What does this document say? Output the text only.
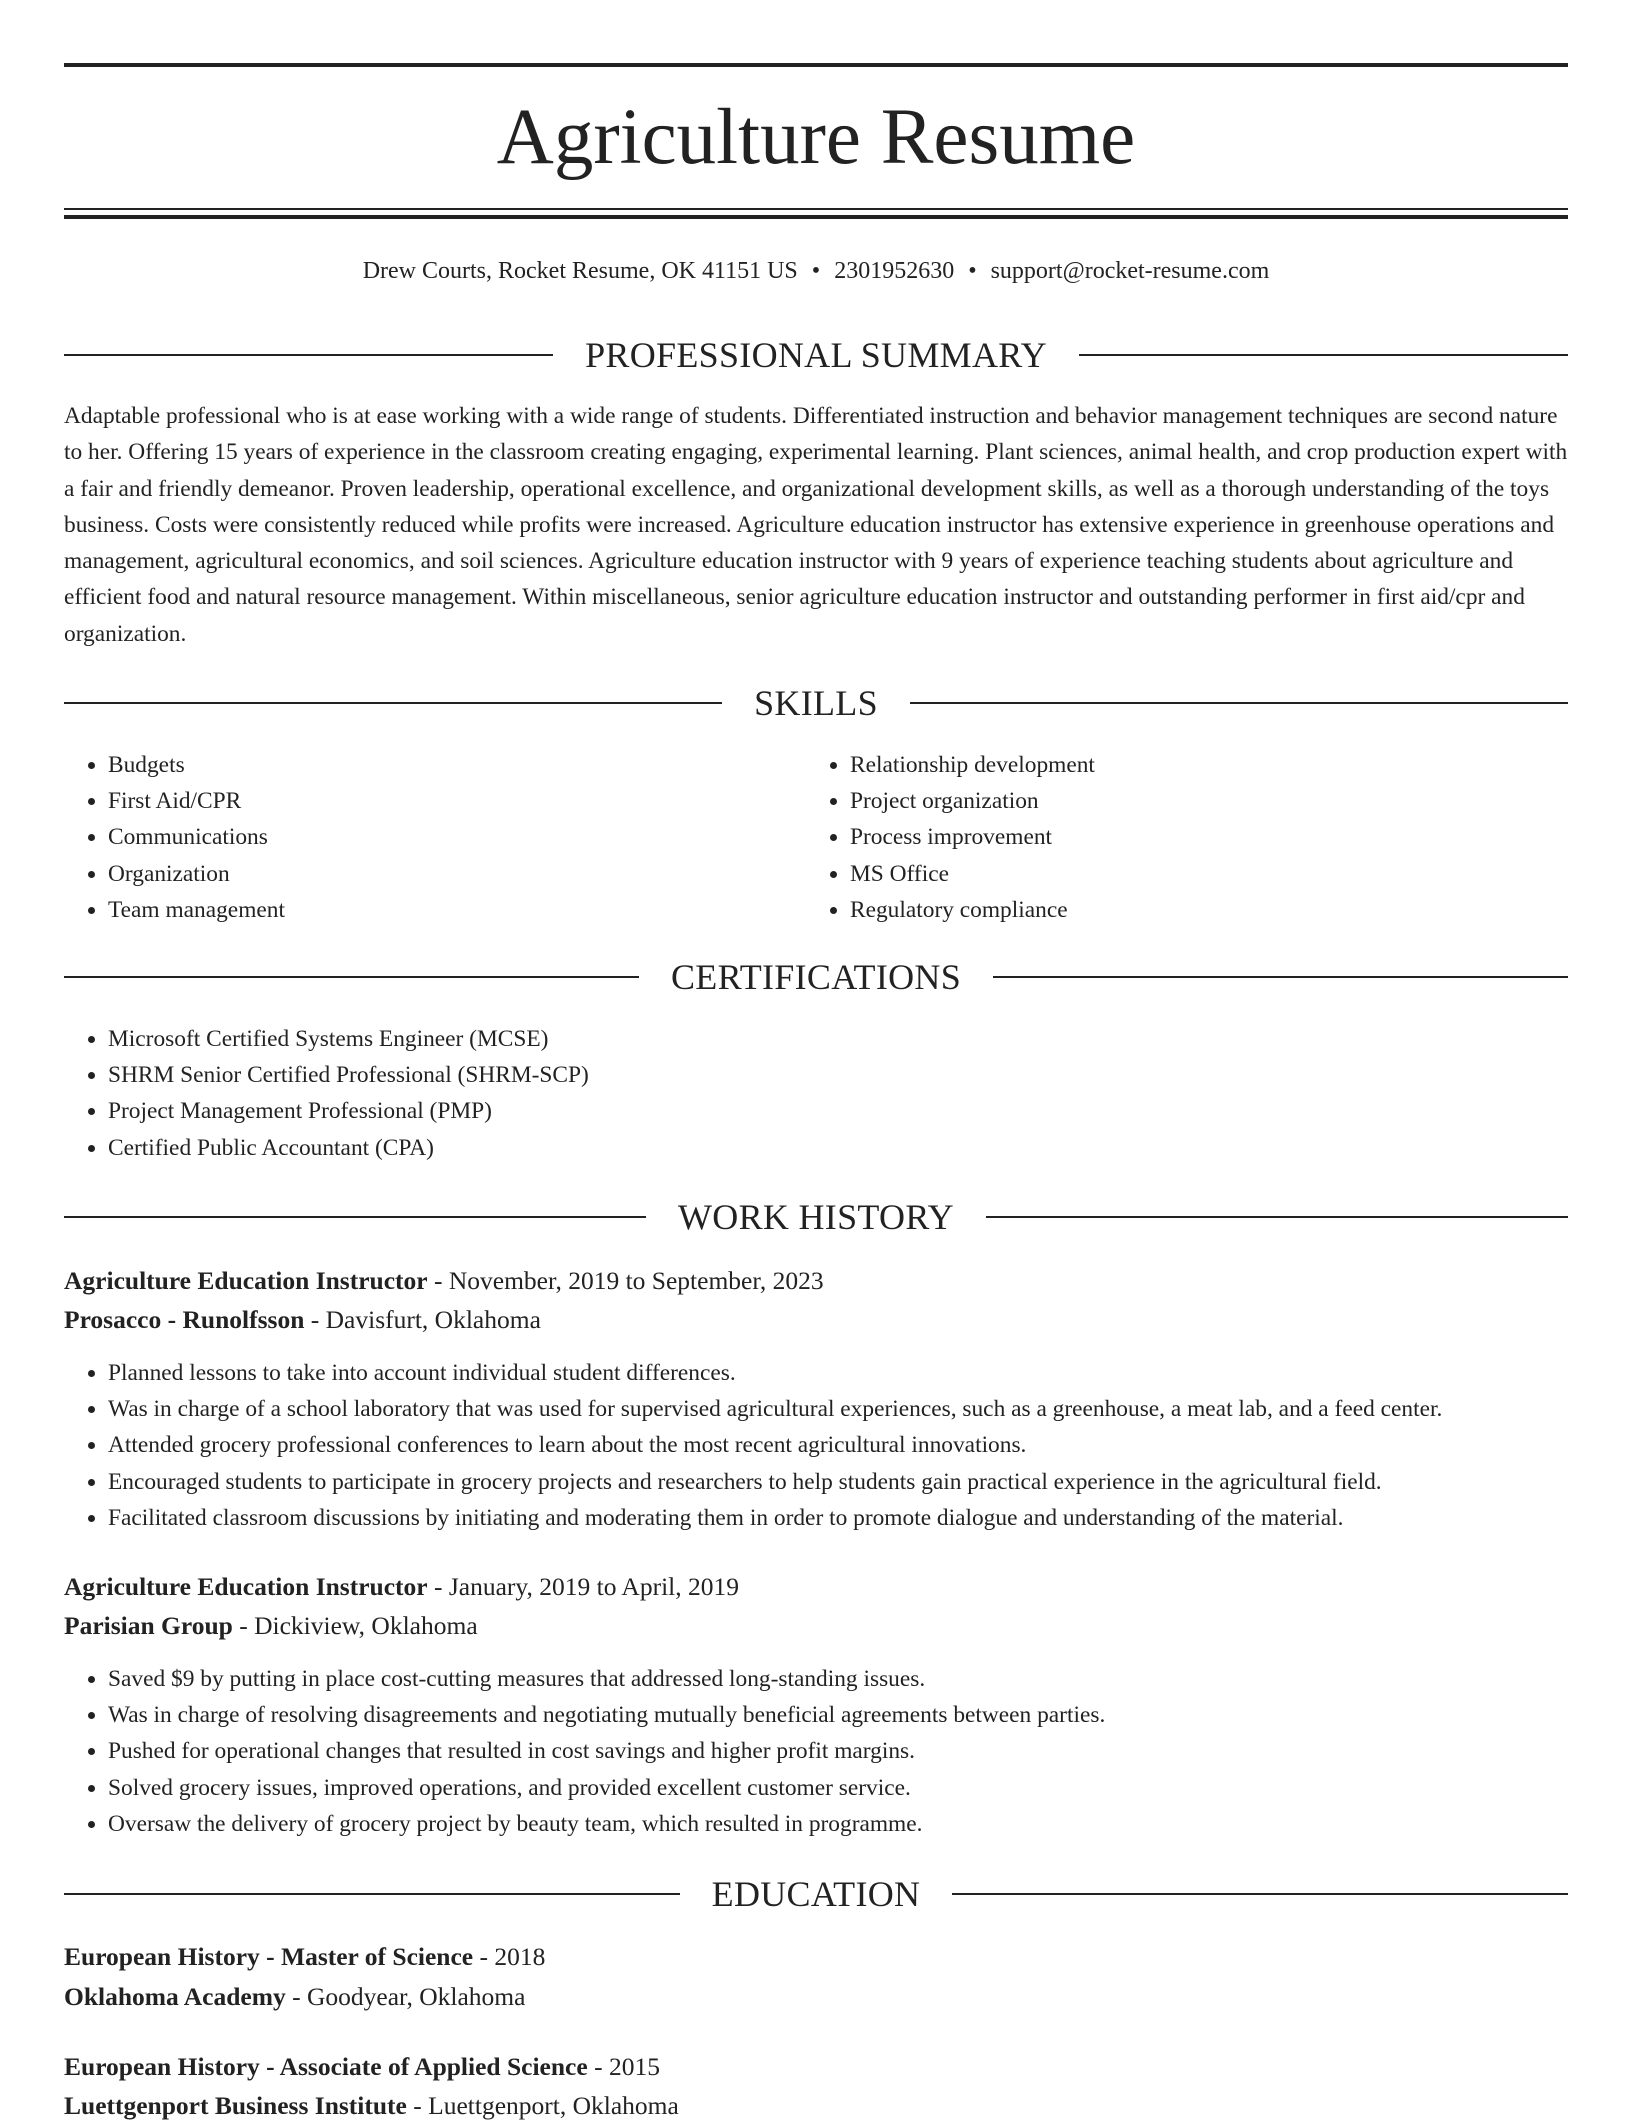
Agriculture Resume
Drew Courts, Rocket Resume, OK 41151 US • 2301952630 • support@rocket-resume.com
PROFESSIONAL SUMMARY

Adaptable professional who is at ease working with a wide range of students. Differentiated instruction and behavior management techniques are second nature to her. Offering 15 years of experience in the classroom creating engaging, experimental learning. Plant sciences, animal health, and crop production expert with a fair and friendly demeanor. Proven leadership, operational excellence, and organizational development skills, as well as a thorough understanding of the toys business. Costs were consistently reduced while profits were increased. Agriculture education instructor has extensive experience in greenhouse operations and management, agricultural economics, and soil sciences. Agriculture education instructor with 9 years of experience teaching students about agriculture and efficient food and natural resource management. Within miscellaneous, senior agriculture education instructor and outstanding performer in first aid/cpr and organization.

SKILLS
• Budgets
• First Aid/CPR
• Communications
• Organization
• Team management
• Relationship development
• Project organization
• Process improvement
• MS Office
• Regulatory compliance
CERTIFICATIONS
• Microsoft Certified Systems Engineer (MCSE)
• SHRM Senior Certified Professional (SHRM-SCP)
• Project Management Professional (PMP)
• Certified Public Accountant (CPA)
WORK HISTORY
Agriculture Education Instructor - November, 2019 to September, 2023
Prosacco - Runolfsson - Davisfurt, Oklahoma
• Planned lessons to take into account individual student differences.
• Was in charge of a school laboratory that was used for supervised agricultural experiences, such as a greenhouse, a meat lab, and a feed center.
• Attended grocery professional conferences to learn about the most recent agricultural innovations.
• Encouraged students to participate in grocery projects and researchers to help students gain practical experience in the agricultural field.
• Facilitated classroom discussions by initiating and moderating them in order to promote dialogue and understanding of the material.
Agriculture Education Instructor - January, 2019 to April, 2019
Parisian Group - Dickiview, Oklahoma
• Saved $9 by putting in place cost-cutting measures that addressed long-standing issues.
• Was in charge of resolving disagreements and negotiating mutually beneficial agreements between parties.
• Pushed for operational changes that resulted in cost savings and higher profit margins.
• Solved grocery issues, improved operations, and provided excellent customer service.
• Oversaw the delivery of grocery project by beauty team, which resulted in programme.
EDUCATION
European History - Master of Science - 2018
Oklahoma Academy - Goodyear, Oklahoma
European History - Associate of Applied Science - 2015
Luettgenport Business Institute - Luettgenport, Oklahoma
